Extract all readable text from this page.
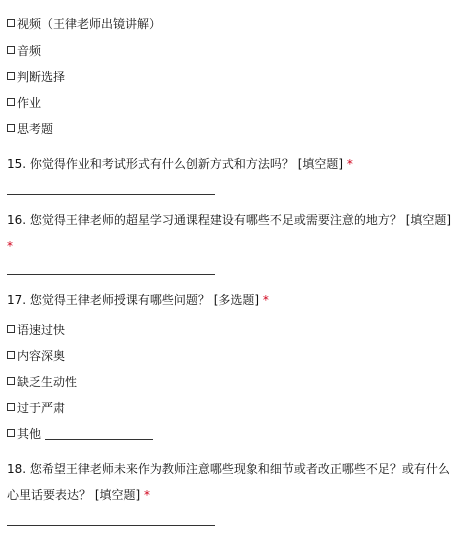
视频（王律老师出镜讲解）
音频
判断选择
作业
思考题
15. 你觉得作业和考试形式有什么创新方式和方法吗？ [填空题] *
16. 您觉得王律老师的超星学习通课程建设有哪些不足或需要注意的地方？ [填空题] *
17. 您觉得王律老师授课有哪些问题？ [多选题] *
语速过快
内容深奥
缺乏生动性
过于严肃
其他
18. 您希望王律老师未来作为教师注意哪些现象和细节或者改正哪些不足？或有什么心里话要表达？ [填空题] *
